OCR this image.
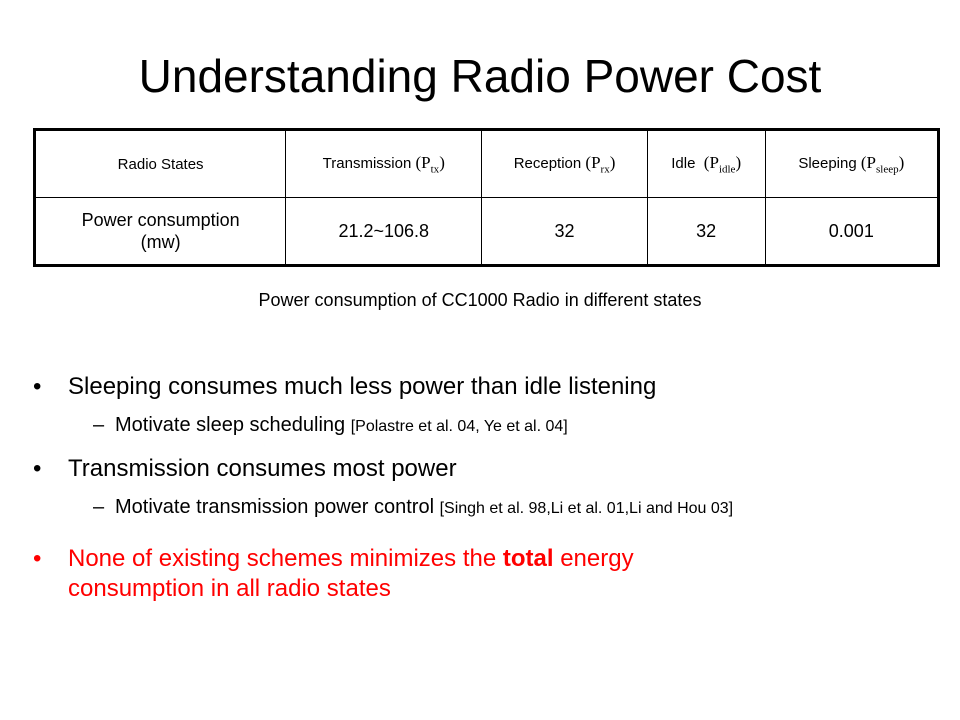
Understanding Radio Power Cost
Radio States	Transmission $(P_{tx})$	Reception $(P_{rx})$	Idle $(P_{idle})$	Sleeping $(P_{sleep})$
Power consumption
(mw)	21.2~106.8	32	32	0.001
Power consumption of CC1000 Radio in different states
• Sleeping consumes much less power than idle listening
– Motivate sleep scheduling [Polastre et al. 04, Ye et al. 04]
• Transmission consumes most power
– Motivate transmission power control [Singh et al. 98,Li et al. 01,Li and Hou 03]
• None of existing schemes minimizes the total energy
consumption in all radio states
